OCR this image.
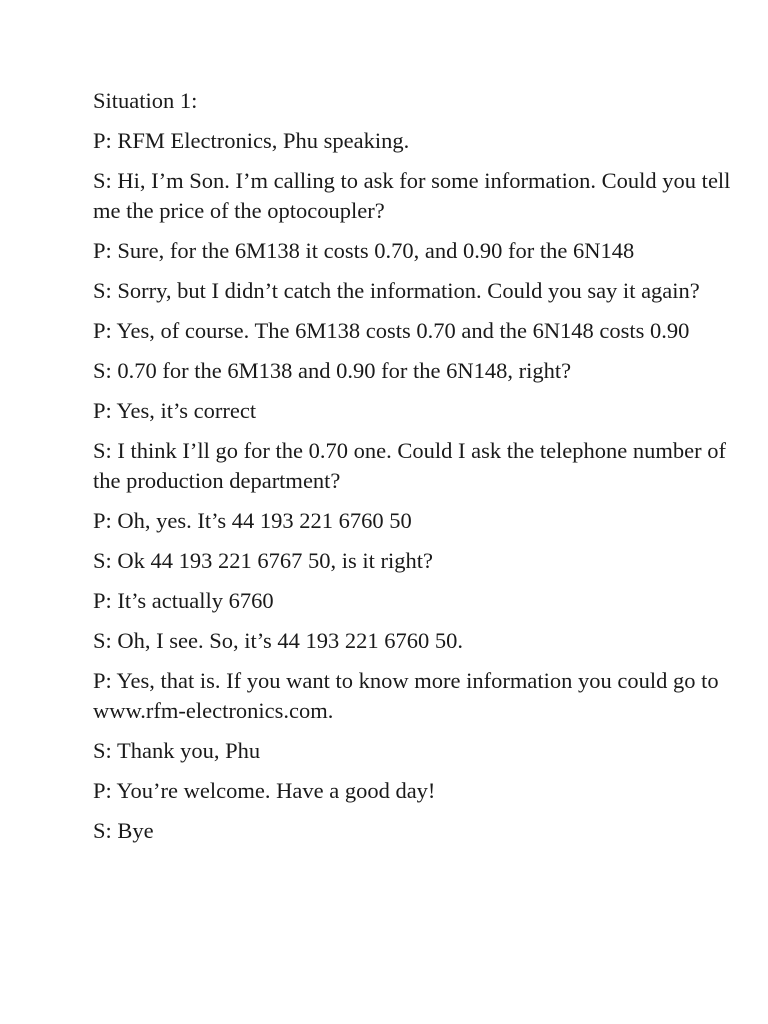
Situation 1:
P: RFM Electronics, Phu speaking.
S: Hi, I’m Son. I’m calling to ask for some information. Could you tell me the price of the optocoupler?
P: Sure, for the 6M138 it costs 0.70, and 0.90 for the 6N148
S: Sorry, but I didn’t catch the information. Could you say it again?
P: Yes, of course. The 6M138 costs 0.70 and the 6N148 costs 0.90
S: 0.70 for the 6M138 and 0.90 for the 6N148, right?
P: Yes, it’s correct
S: I think I’ll go for the 0.70 one. Could I ask the telephone number of the production department?
P: Oh, yes. It’s 44 193 221 6760 50
S: Ok 44 193 221 6767 50, is it right?
P: It’s actually 6760
S: Oh, I see. So, it’s 44 193 221 6760 50.
P: Yes, that is. If you want to know more information you could go to www.rfm-electronics.com.
S: Thank you, Phu
P: You’re welcome. Have a good day!
S: Bye
